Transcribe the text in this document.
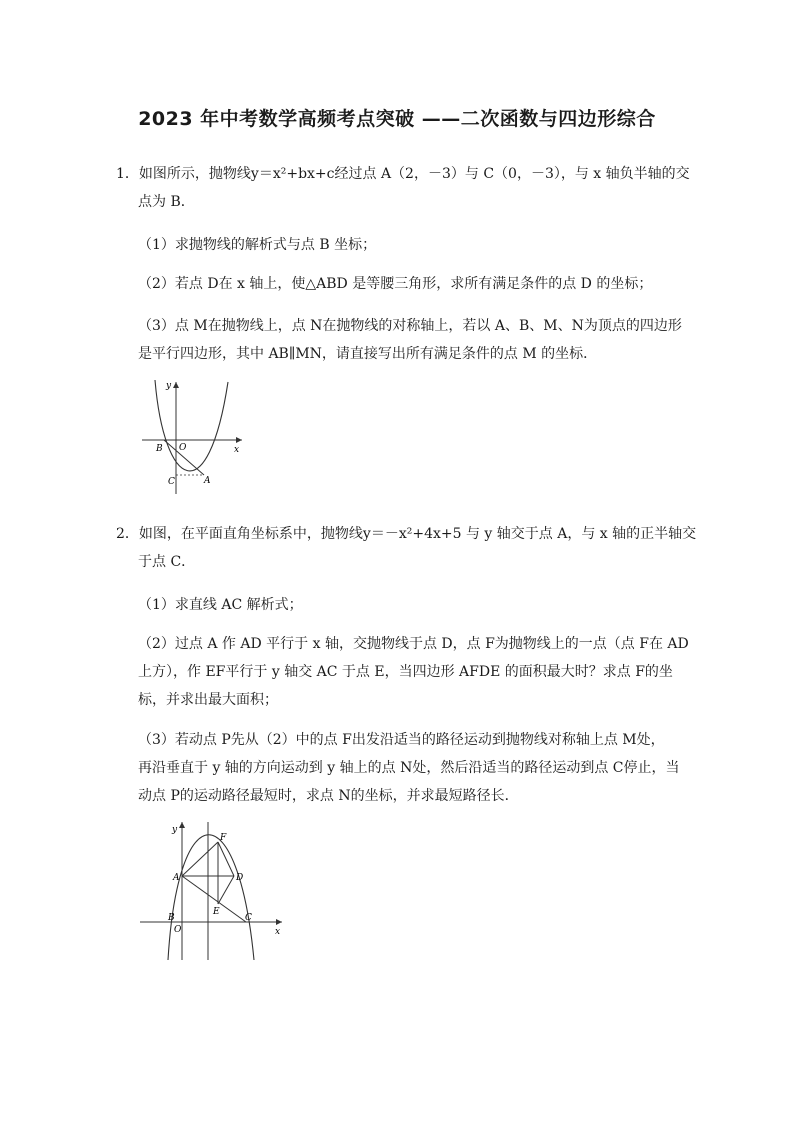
2023 年中考数学高频考点突破 ——二次函数与四边形综合
1．如图所示，抛物线y＝x²+bx+c经过点 A（2，－3）与 C（0，－3），与 x 轴负半轴的交
点为 B．
（1）求抛物线的解析式与点 B 坐标；
（2）若点 D在 x 轴上，使△ABD 是等腰三角形，求所有满足条件的点 D 的坐标；
（3）点 M在抛物线上，点 N在抛物线的对称轴上，若以 A、B、M、N为顶点的四边形
是平行四边形，其中 AB∥MN，请直接写出所有满足条件的点 M 的坐标．
y
x
O
B
C	A
2．如图，在平面直角坐标系中，抛物线y＝－x²+4x+5 与 y 轴交于点 A，与 x 轴的正半轴交
于点 C．
（1）求直线 AC 解析式；
（2）过点 A 作 AD 平行于 x 轴，交抛物线于点 D，点 F为抛物线上的一点（点 F在 AD
上方），作 EF平行于 y 轴交 AC 于点 E，当四边形 AFDE 的面积最大时？求点 F的坐
标，并求出最大面积；
（3）若动点 P先从（2）中的点 F出发沿适当的路径运动到抛物线对称轴上点 M处，
再沿垂直于 y 轴的方向运动到 y 轴上的点 N处，然后沿适当的路径运动到点 C停止，当
动点 P的运动路径最短时，求点 N的坐标，并求最短路径长．
y
x
O
B	C
A	D
E
F
